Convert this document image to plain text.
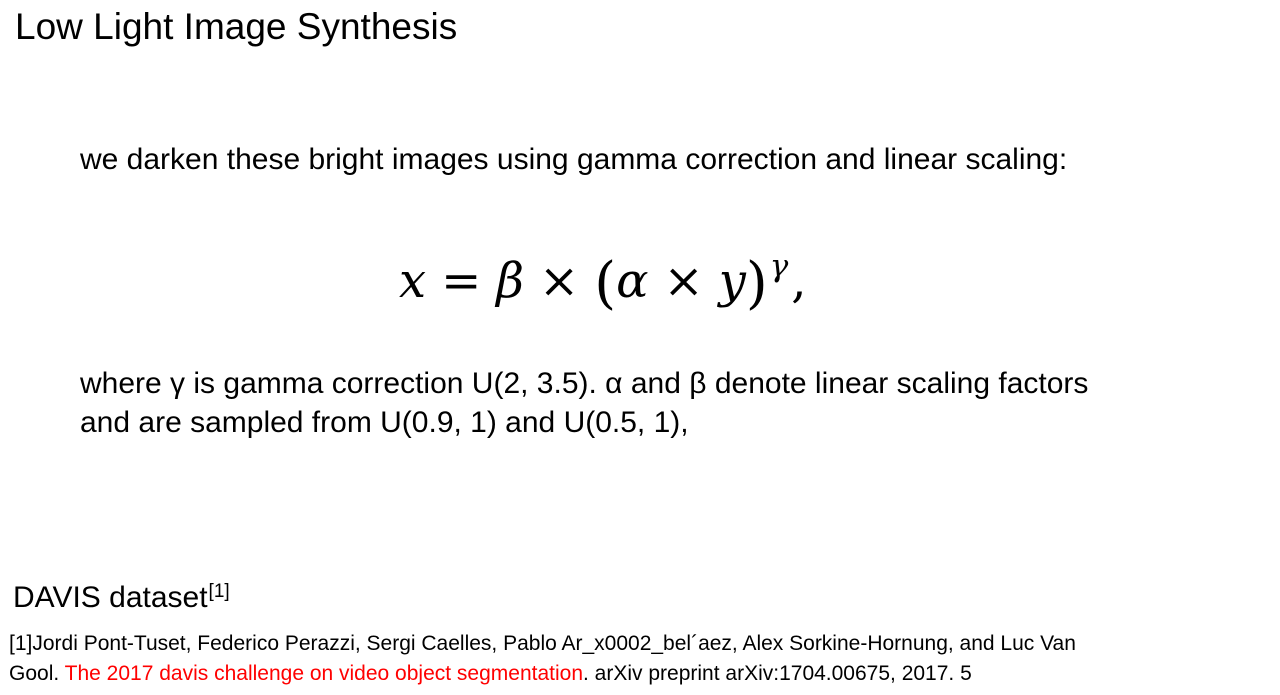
Low Light Image Synthesis

we darken these bright images using gamma correction and linear scaling:

$x = \beta \times (\alpha \times y)^\gamma$,
where γ is gamma correction U(2, 3.5). α and β denote linear scaling factors
and are sampled from U(0.9, 1) and U(0.5, 1),
DAVIS dataset[1]
[1]Jordi Pont-Tuset, Federico Perazzi, Sergi Caelles, Pablo Ar_x0002_bel´aez, Alex Sorkine-Hornung, and Luc Van
Gool. The 2017 davis challenge on video object segmentation. arXiv preprint arXiv:1704.00675, 2017. 5
